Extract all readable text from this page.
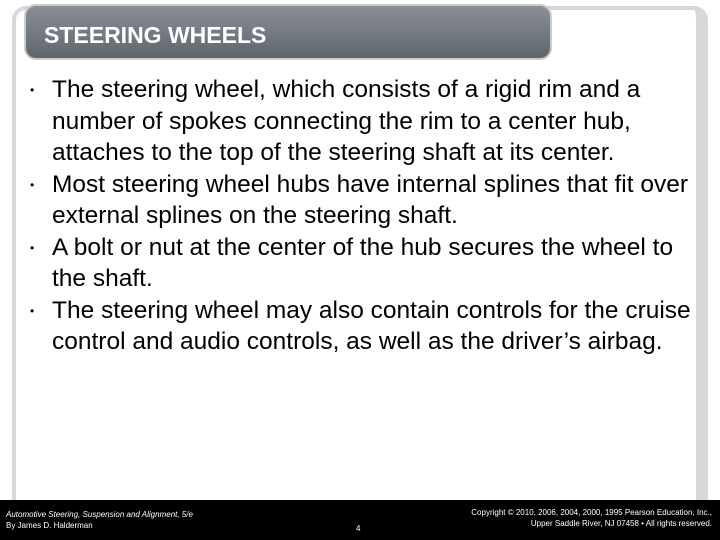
STEERING WHEELS
• The steering wheel, which consists of a rigid rim and a number of spokes connecting the rim to a center hub, attaches to the top of the steering shaft at its center.
• Most steering wheel hubs have internal splines that fit over external splines on the steering shaft.
• A bolt or nut at the center of the hub secures the wheel to the shaft.
• The steering wheel may also contain controls for the cruise control and audio controls, as well as the driver’s airbag.
Automotive Steering, Suspension and Alignment, 5/e
By James D. Halderman	4
Copyright © 2010, 2006, 2004, 2000, 1995 Pearson Education, Inc.,
Upper Saddle River, NJ 07458 • All rights reserved.
